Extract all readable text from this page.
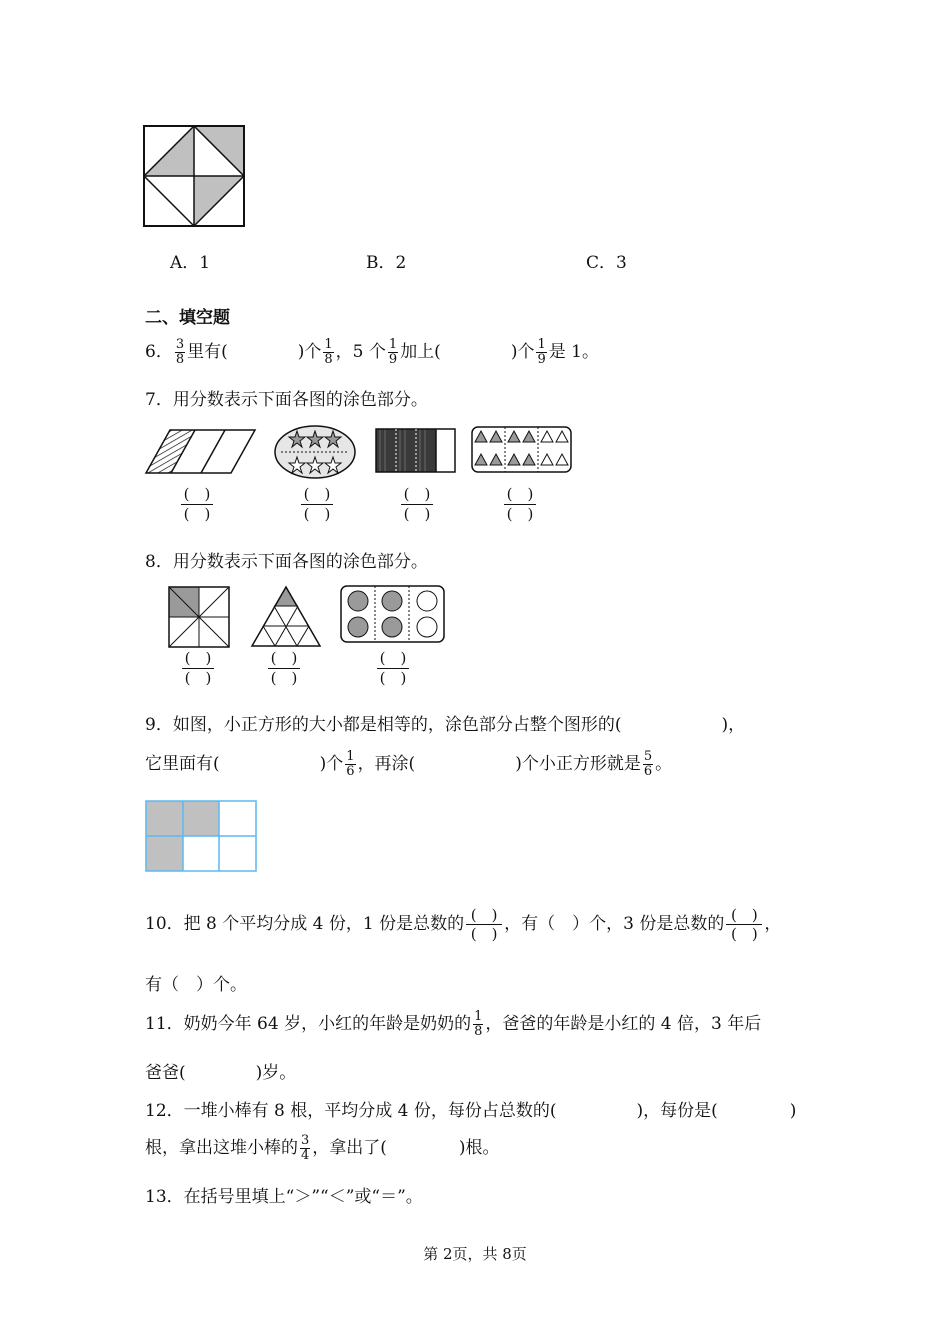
A．1	B．2	C．3
二、填空题
6． $\frac{3}{8}$ 里有(	)个 $\frac{1}{8}$ ，5 个 $\frac{1}{9}$ 加上(	)个 $\frac{1}{9}$ 是 1。
7．用分数表示下面各图的涂色部分。
(　)
(　)
(　)
(　)
(　)
(　)
(　)
(　)
8．用分数表示下面各图的涂色部分。
(　)
(　)
(　)
(　)
(　)
(　)
9．如图，小正方形的大小都是相等的，涂色部分占整个图形的(	)，
它里面有(	)个 $\frac{1}{6}$ ，再涂(	)个小正方形就是 $\frac{5}{6}$ 。
10．把 8 个平均分成 4 份，1 份是总数的 (　)
(　) ，有（　）个，3 份是总数的 (　)
(　) ，
有（　）个。
11．奶奶今年 64 岁，小红的年龄是奶奶的 $\frac{1}{8}$ ，爸爸的年龄是小红的 4 倍，3 年后
爸爸(	)岁。
12．一堆小棒有 8 根，平均分成 4 份，每份占总数的(	)，每份是(	)
根，拿出这堆小棒的 $\frac{3}{4}$ ，拿出了(	)根。
13．在括号里填上“＞”“＜”或“＝”。
第 2页，共 8页
